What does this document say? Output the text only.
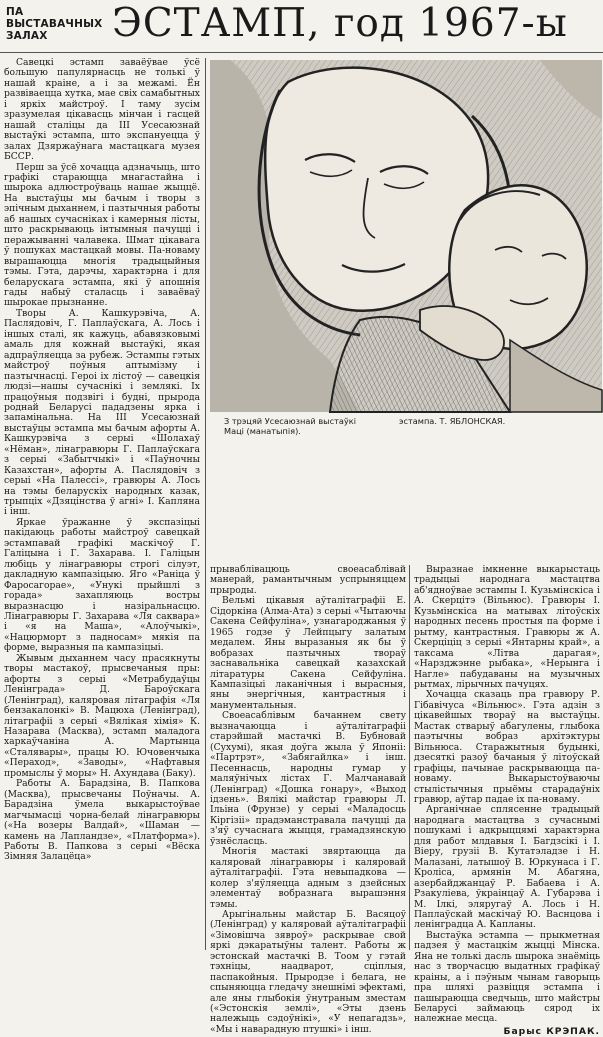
ПА
ВЫСТАВАЧНЫХ
ЗАЛАХ	ЭСТАМП, год 1967-ы

Савецкі эстамп заваёўвае ўсё большую папулярнасць не толькі ў нашай краіне, а і за межамі. Ён развіваецца хутка, мае свіх самабытных і яркіх майстроў. І таму зусім зразумелая цікавасць мінчан і гасцей нашай сталіцы да III Усесаюзнай выстаўкі эстампа, што экспануецца ў залах Дзяржаўнага мастацкага музея БССР.

Перш за ўсё хочацца адзначыць, што графікі старающца мнагастайна і шырока адлюстроўваць нашае жыццё. На выстаўцы мы бачым і творы з эпічным дыханнем, і пазтычныя работы аб нашых сучасніках і камерныя лісты, што раскрываюць інтымныя пачуцці і перажыванні чалавека. Шмат цікавага ў пошуках мастацкай мовы. Па-новаму вырашаюцца многія традыцыйныя тэмы. Гэта, дарэчы, характэрна і для беларускага эстампа, які ў апошнія гады набыў сталасць і заваёваў шырокае прызнанне.

Творы А. Кашкурэвіча, А. Паслядовіч, Г. Паплаўскага, А. Лось і іншых сталі, як кажуць, абавязковымі амаль для кожнай выстаўкі, якая адпраўляецца за рубеж. Эстампы гэтых майстроў поўныя аптымізму і пазтычнасці. Героі іх лістоў — савецкія людзі—нашы сучаснікі і землякі. Іх працоўныя подзвігі і будні, прырода роднай Беларусі пададзены ярка і запамінальна. На III Усесаюзнай выстаўцы эстампа мы бачым афорты А. Кашкурэвіча з серыі «Шолахаў «Нёман», лінагравюры Г. Паплаўскага з серыі «Забытчыкі» і «Паўночны Казахстан», афорты А. Паслядовіч з серыі «На Палессі», гравюры А. Лось на тэмы беларускіх народных казак, трыпціх «Дзяцінства ў агні» І. Капляна і інш.

Яркае ўражанне ў экспазіцыі пакідаюць работы майстроў савецкай эстампавай графікі маскічоў Г. Галіцына і Г. Захарава. І. Галіцын любіць у лінагравюры строгі сілуэт, дакладную кампазіцыю. Яго «Раніца ў Фаросагорае», «Унукі прыйшлі з горада» захапляюць востры выразнасцю і назіральнасцю. Лінагравюры Г. Захарава «Ля саквара» і «я на Маша», «Алоўчыкі», «Нацюрморт з падносам» мякія па форме, выразныя па кампазіцыі.

Жывым дыханнем часу прасякнуты творы мастакоў, прысвечаныя пры: афорты з серыі «Метрабудаўцы Ленінграда» Д. Бароўскага (Ленінград), каляровая літаграфія «Ля бензакалонкі» В. Мацюха (Ленінград), літаграфіі з серыі «Вялікая хімія» К. Назарава (Масква), эстамп маладога харкаўчаніна А. Мартынца «Сталявары», працы Ю. Ючовенчыка «Пераход», «Заводы», «Нафтавыя промыслы ў моры» Н. Ахундава (Баку).

Работы А. Барадзіна, В. Папкова (Масква), прысвечаны Поўначы. А. Барадзіна ўмела выкарыстоўвае магчымасці чорна-белай лінагравюры («На возеры Валдай», «Шаман — камень на Лапландзе», «Платформа»). Работы В. Папкова з серыі «Вёска Зімняя Залацёца»

З трэцяй Усесаюзнай выстаўкі
Маці (манатыпія).
эстампа. Т. ЯБЛОНСКАЯ.

прываблівацюць своеасаблівай манерай, рамантычным успрыняццем прыроды.

Вельмі цікавыя аўталітаграфіі Е. Сідоркіна (Алма-Ата) з серыі «Чытаючы Сакена Сейфуліна», узнагароджаныя ў 1965 годзе ў Лейпцыгу залатым медалем. Яны выразаныя як бы ў вобразах пазтычных твораў заснавальніка савецкай казахскай літаратуры Сакена Сейфуліна. Кампазіцыі лаканічныя і вырасныя, яны энергічныя, кантрастныя і манументальныя.

Своеасаблівым бачаннем свету вызначаюцца і аўталітаграфіі старэйшай мастачкі В. Бубновай (Сухумі), якая доўга жыла ў Японіі: «Партрэт», «Забягайлка» і інш. Песеннасць, народны гумар у маляўнічых лістах Г. Малчанавай (Ленінград) «Дошка гонару», «Выход ідзень». Вялікі майстар гравюры Л. Ільіна (Фрунзе) у серыі «Маладосць Кіргізіі» прадэманстравала пачуцці да з'яў сучаснага жыцця, грамадзянскую ўзнёсласць.

Многія мастакі звяртаюцца да каляровай лінагравюры і каляровай аўталітаграфіі. Гэта невыпадкова — колер з'яўляецца адным з дзейсных элементаў вобразнага вырашэння тэмы.

Арыгінальны майстар Б. Васяцоў (Ленінград) у каляровай аўталітаграфіі «Зімовішча зявроў» раскрывае свой яркі дэкаратыўны талент. Работы ж эстонскай мастачкі В. Тоом у гэтай тэхніцы, наадварот, сціплыя, паспакойныя. Прыродзе і белага, не спыняюцца гледачу знешнімі эфектамі, але яны глыбокія ўнутраным зместам («Эстонскія землі», «Эты дзень належыць сэдоўнікі», «У непагадзь», «Мы і наварадную птушкі» і інш.

Выразнае імкненне выкарыстаць традыцыі народнага мастацтва аб'ядноўвае эстампы І. Кузьмінскіса і А. Скерцітэ (Вільнюс). Гравюры І. Кузьмінскіса на матывах літоўскіх народных песень простыя па форме і рытму, кантрастныя. Гравюры ж А. Скерціціц з серыі «Янтарны край», а таксама «Літва дарагая», «Нарзджэнне рыбака», «Нерынга і Нагле» пабудаваны на музычных рытмах, лірычных пачуцях.

Хочацца сказаць пра гравюру Р. Гібавічуса «Вільнюс». Гэта адзін з цікавейшых твораў на выстаўцы. Мастак стварыў абагулены, глыбока паэтычны вобраз архітэктуры Вільнюса. Старажытныя будынкі, дзесяткі разоў бачаныя ў літоўскай графіцы, пачынае раскрываюцца па-новаму. Выкарыстоўваючы стылістычныя прыёмы старадаўніх гравюр, аўтар падае іх па-новаму.

Арганічнае сплясенне традыцый народнага мастацтва з сучаснымі пошукамі і адкрыццямі характэрна для работ млдавыя І. Багдзсікі і І. Віеру, грузіі В. Кутатэладзе і Н. Малазані, латышоў В. Юркунаса і Г. Кроліса, армянін М. Абагяна, азербайджанцаў Р. Бабаева і А. Рзакуліева, ўкраінцаў А. Губарэва і М. Ілкі, эляругаў А. Лось і Н. Паплаўскай маскічаў Ю. Васнцова і ленінградца А. Капланы.

Выстаўка эстампа — прыкметная падзея ў мастацкім жыцці Мінска. Яна не толькі дасль шырока знаёміць нас з творчасцю выдатных графікаў краіны, а і пэўным чынам гаворыць пра шляхі развіцця эстампа і пашыраюцца сведчыць, што майстры Беларусі займаюць сярод іх належнае месца.

Барыс КРЭПАК.
